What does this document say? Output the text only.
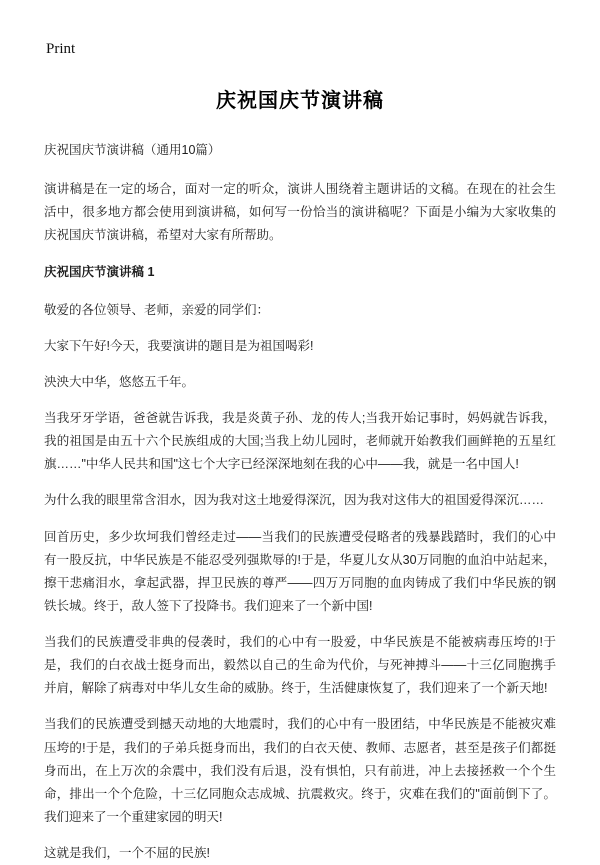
Print
庆祝国庆节演讲稿

庆祝国庆节演讲稿（通用10篇）

演讲稿是在一定的场合，面对一定的听众，演讲人围绕着主题讲话的文稿。在现在的社会生活中，很多地方都会使用到演讲稿，如何写一份恰当的演讲稿呢？下面是小编为大家收集的庆祝国庆节演讲稿，希望对大家有所帮助。

庆祝国庆节演讲稿 1

敬爱的各位领导、老师，亲爱的同学们：

大家下午好!今天，我要演讲的题目是为祖国喝彩!

泱泱大中华，悠悠五千年。

当我牙牙学语，爸爸就告诉我，我是炎黄子孙、龙的传人;当我开始记事时，妈妈就告诉我，我的祖国是由五十六个民族组成的大国;当我上幼儿园时，老师就开始教我们画鲜艳的五星红旗……"中华人民共和国"这七个大字已经深深地刻在我的心中——我，就是一名中国人!

为什么我的眼里常含泪水，因为我对这土地爱得深沉，因为我对这伟大的祖国爱得深沉……

回首历史，多少坎坷我们曾经走过——当我们的民族遭受侵略者的残暴践踏时，我们的心中有一股反抗，中华民族是不能忍受列强欺辱的!于是，华夏儿女从30万同胞的血泊中站起来，擦干悲痛泪水，拿起武器，捍卫民族的尊严——四万万同胞的血肉铸成了我们中华民族的钢铁长城。终于，敌人签下了投降书。我们迎来了一个新中国!

当我们的民族遭受非典的侵袭时，我们的心中有一股爱，中华民族是不能被病毒压垮的!于是，我们的白衣战士挺身而出，毅然以自己的生命为代价，与死神搏斗——十三亿同胞携手并肩，解除了病毒对中华儿女生命的威胁。终于，生活健康恢复了，我们迎来了一个新天地!

当我们的民族遭受到撼天动地的大地震时，我们的心中有一股团结，中华民族是不能被灾难压垮的!于是，我们的子弟兵挺身而出，我们的白衣天使、教师、志愿者，甚至是孩子们都挺身而出，在上万次的余震中，我们没有后退，没有惧怕，只有前进，冲上去接拯救一个个生命，排出一个个危险，十三亿同胞众志成城、抗震救灾。终于，灾难在我们的"面前倒下了。我们迎来了一个重建家园的明天!

这就是我们，一个不屈的民族!
